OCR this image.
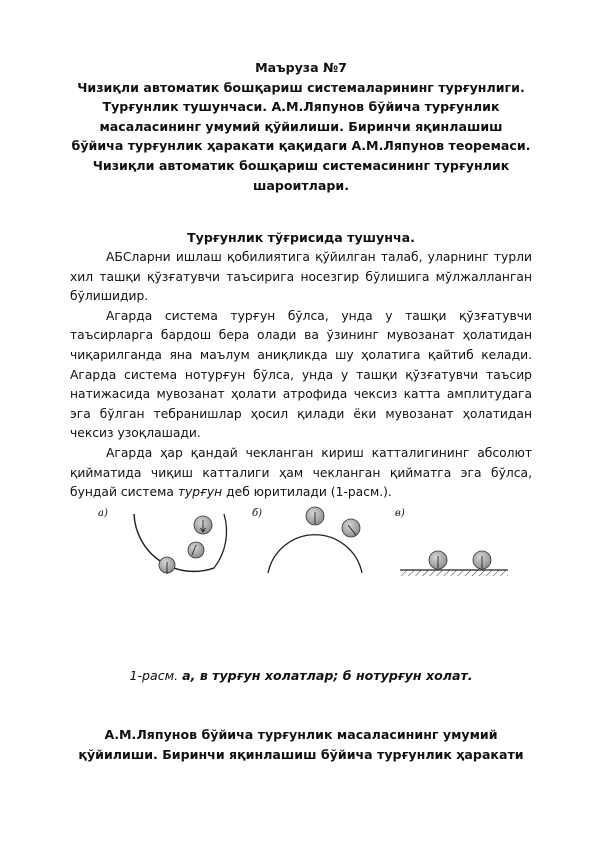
Маъруза №7
Чизиқли автоматик бошқариш системаларининг турғунлиги.
Турғунлик тушунчаси. А.М.Ляпунов бўйича турғунлик
масаласининг умумий қўйилиши. Биринчи яқинлашиш
бўйича турғунлик ҳаракати қақидаги А.М.Ляпунов теоремаси.
Чизиқли автоматик бошқариш системасининг турғунлик
шароитлари.
Турғунлик тўғрисида тушунча.

АБСларни ишлаш қобилиятига қўйилган талаб, уларнинг турли хил ташқи қўзғатувчи таъсирига носезгир бўлишига мўлжалланган бўлишидир.

Агарда система турғун бўлса, унда у ташқи қўзғатувчи таъсирларга бардош бера олади ва ўзининг мувозанат ҳолатидан чиқарилганда яна маълум аниқликда шу ҳолатига қайтиб келади. Агарда система нотурғун бўлса, унда у ташқи қўзғатувчи таъсир натижасида мувозанат ҳолати атрофида чексиз катта амплитудага эга бўлган тебранишлар ҳосил қилади ёки мувозанат ҳолатидан чексиз узоқлашади.

Агарда ҳар қандай чекланган кириш катталигининг абсолют қийматида чиқиш катталиги ҳам чекланган қийматга эга бўлса, бундай система турғун деб юритилади (1-расм.).

а)	б)	в)
1-расм. а, в турғун холатлар; б нотурғун холат.
А.М.Ляпунов бўйича турғунлик масаласининг умумий
қўйилиши. Биринчи яқинлашиш бўйича турғунлик ҳаракати
